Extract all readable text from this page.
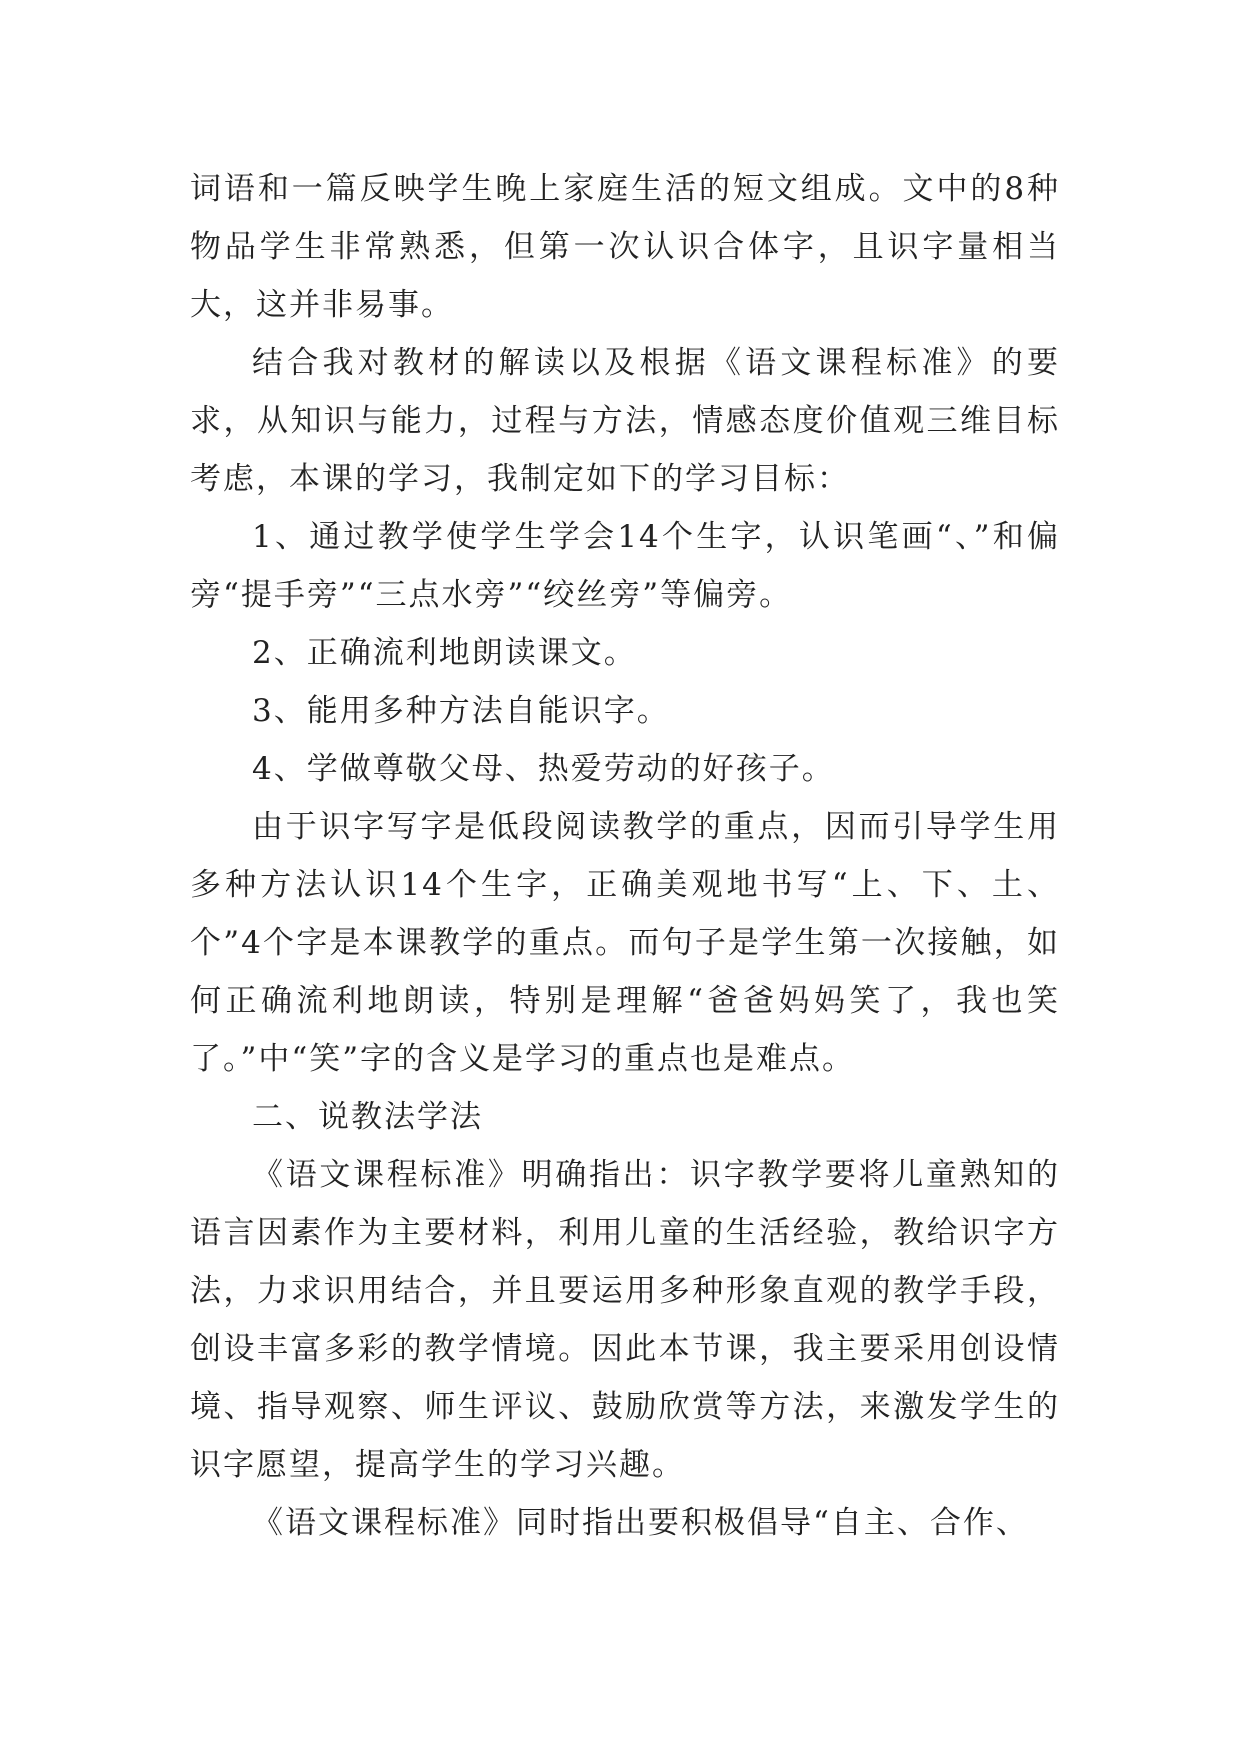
词语和一篇反映学生晚上家庭生活的短文组成。文中的8种物品学生非常熟悉，但第一次认识合体字，且识字量相当大，这并非易事。

结合我对教材的解读以及根据《语文课程标准》的要求，从知识与能力，过程与方法，情感态度价值观三维目标考虑，本课的学习，我制定如下的学习目标：

1、通过教学使学生学会14个生字，认识笔画“、”和偏旁“提手旁”“三点水旁”“绞丝旁”等偏旁。

2、正确流利地朗读课文。

3、能用多种方法自能识字。

4、学做尊敬父母、热爱劳动的好孩子。

由于识字写字是低段阅读教学的重点，因而引导学生用多种方法认识14个生字，正确美观地书写“上、下、土、个”4个字是本课教学的重点。而句子是学生第一次接触，如何正确流利地朗读，特别是理解“爸爸妈妈笑了，我也笑了。”中“笑”字的含义是学习的重点也是难点。

二、说教法学法

《语文课程标准》明确指出：识字教学要将儿童熟知的语言因素作为主要材料，利用儿童的生活经验，教给识字方法，力求识用结合，并且要运用多种形象直观的教学手段，创设丰富多彩的教学情境。因此本节课，我主要采用创设情境、指导观察、师生评议、鼓励欣赏等方法，来激发学生的识字愿望，提高学生的学习兴趣。

《语文课程标准》同时指出要积极倡导“自主、合作、
